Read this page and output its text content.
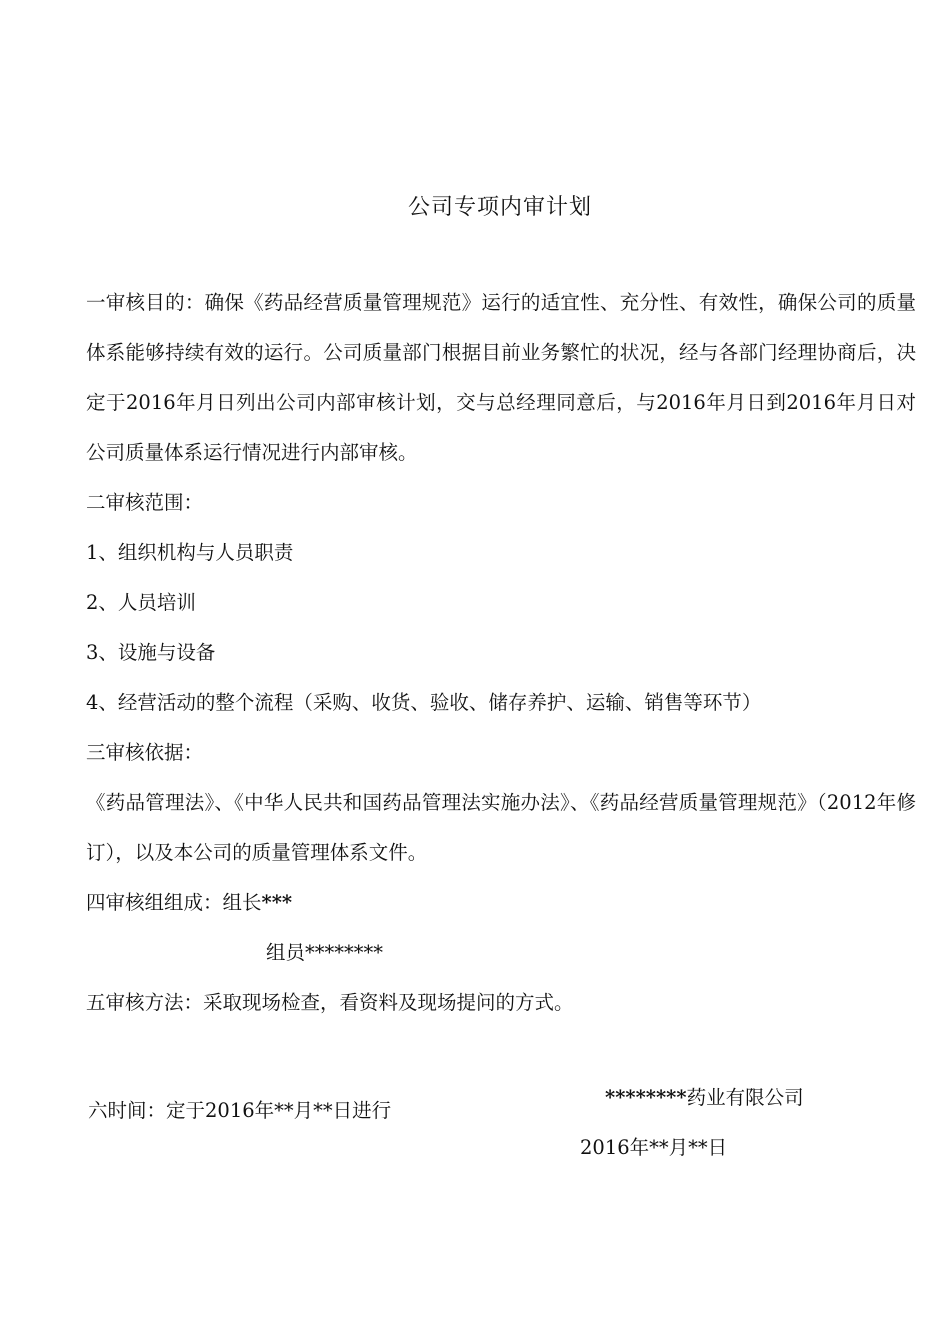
公司专项内审计划

一审核目的：确保《药品经营质量管理规范》运行的适宜性、充分性、有效性，确保公司的质量体系能够持续有效的运行。公司质量部门根据目前业务繁忙的状况，经与各部门经理协商后，决定于2016年月日列出公司内部审核计划，交与总经理同意后，与2016年月日到2016年月日对公司质量体系运行情况进行内部审核。

二审核范围：

1、组织机构与人员职责

2、人员培训

3、设施与设备

4、经营活动的整个流程（采购、收货、验收、储存养护、运输、销售等环节）

三审核依据：

《药品管理法》、《中华人民共和国药品管理法实施办法》、《药品经营质量管理规范》（2012年修订），以及本公司的质量管理体系文件。

四审核组组成：组长***

组员********

五审核方法：采取现场检查，看资料及现场提问的方式。

六时间：定于2016年**月**日进行
********药业有限公司
2016年**月**日
